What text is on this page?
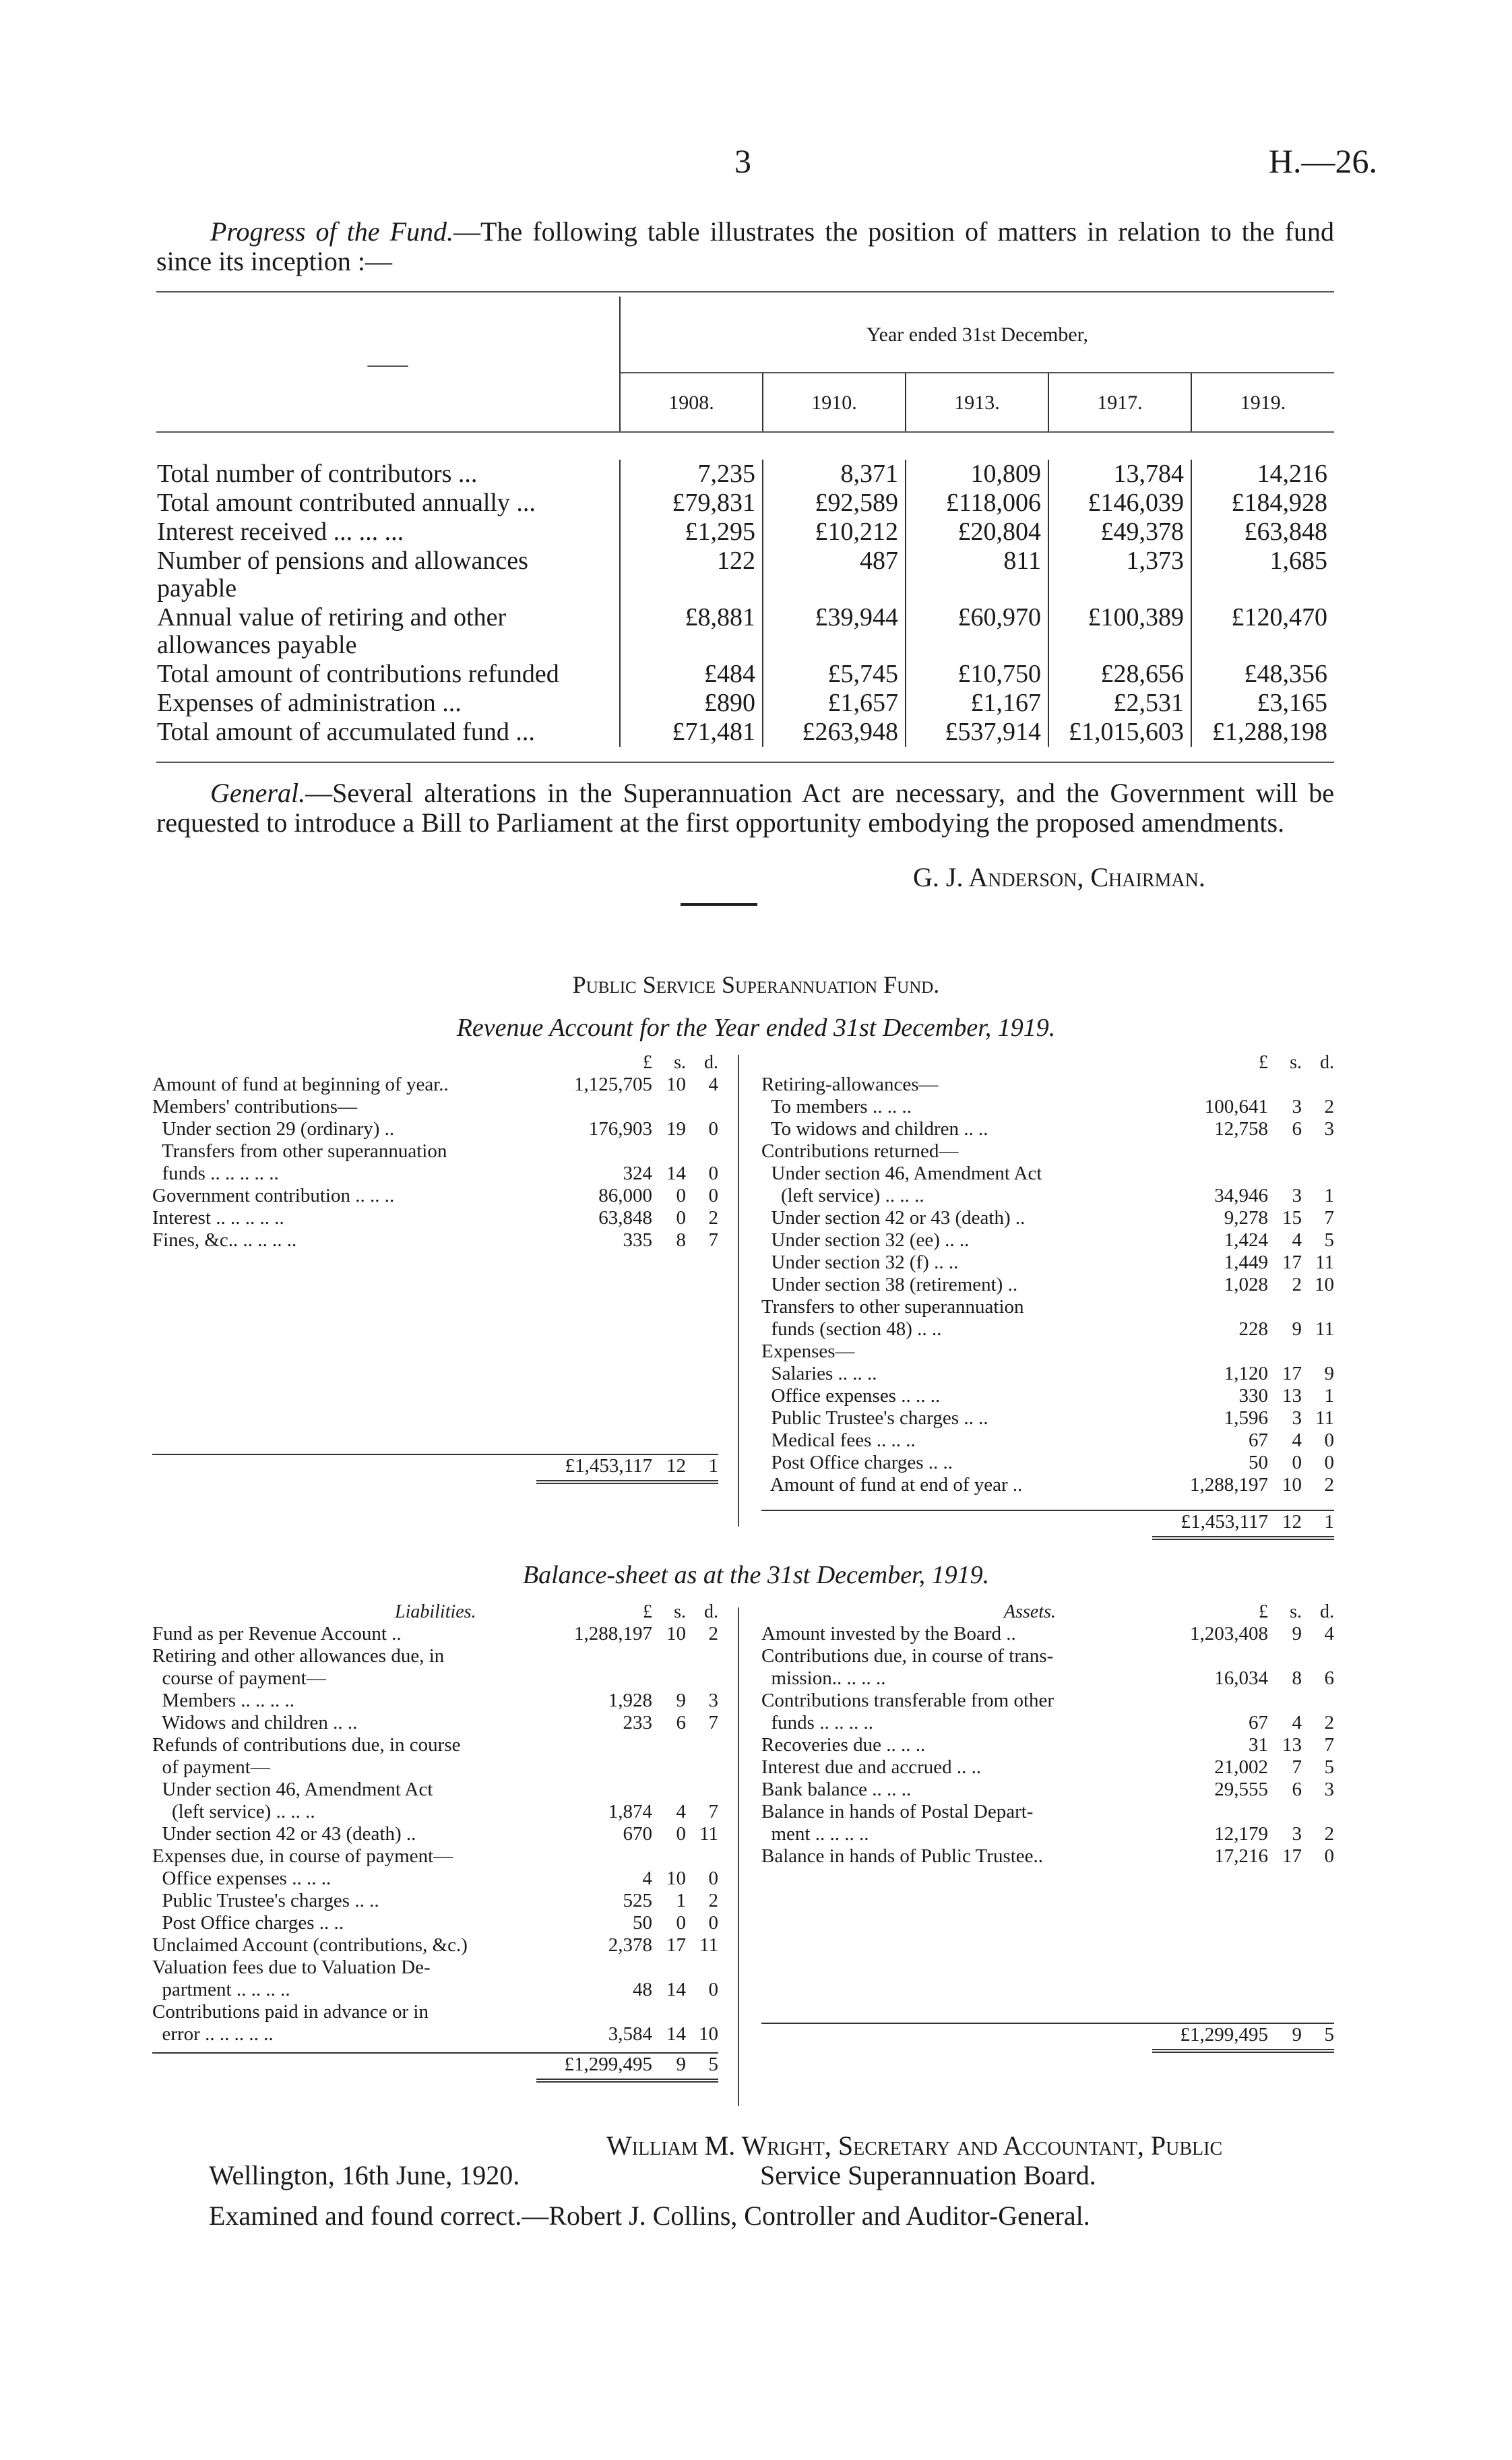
3	H.—26.
Progress of the Fund.—The following table illustrates the position of matters in relation to the fund since its inception :—
——	Year ended 31st December,				
	1908.	1910.	1913.	1917.	1919.

Total number of contributors ...	7,235	8,371	10,809	13,784	14,216
Total amount contributed annually ...	£79,831	£92,589	£118,006	£146,039	£184,928
Interest received ... ... ...	£1,295	£10,212	£20,804	£49,378	£63,848
Number of pensions and allowances payable	122	487	811	1,373	1,685
Annual value of retiring and other allowances payable	£8,881	£39,944	£60,970	£100,389	£120,470
Total amount of contributions refunded	£484	£5,745	£10,750	£28,656	£48,356
Expenses of administration ...	£890	£1,657	£1,167	£2,531	£3,165
Total amount of accumulated fund ...	£71,481	£263,948	£537,914	£1,015,603	£1,288,198

General.—Several alterations in the Superannuation Act are necessary, and the Government will be requested to introduce a Bill to Parliament at the first opportunity embodying the proposed amendments.
G. J. Anderson, Chairman.
Public Service Superannuation Fund.
Revenue Account for the Year ended 31st December, 1919.
£	s. d.
Amount of fund at beginning of year..	1,125,705 10	4
Members' contributions—
Under section 29 (ordinary) ..	176,903 19	0
Transfers from other superannuation
funds .. .. .. .. ..	324 14	0
Government contribution .. .. ..	86,000	0	0
Interest .. .. .. .. ..	63,848	0	2
Fines, &c.. .. .. .. ..	335	8	7
£1,453,117 12	1
£	s. d.
Retiring-allowances—
To members .. .. ..	100,641	3	2
To widows and children .. ..	12,758	6	3
Contributions returned—
Under section 46, Amendment Act
(left service) .. .. ..	34,946	3	1
Under section 42 or 43 (death) ..	9,278 15	7
Under section 32 (ee) .. ..	1,424	4	5
Under section 32 (f) .. ..	1,449 17 11
Under section 38 (retirement) ..	1,028	2 10
Transfers to other superannuation
funds (section 48) .. ..	228	9 11
Expenses—
Salaries .. .. ..	1,120 17	9
Office expenses .. .. ..	330 13	1
Public Trustee's charges .. ..	1,596	3 11
Medical fees .. .. ..	67	4	0
Post Office charges .. ..	50	0	0
Amount of fund at end of year ..	1,288,197 10	2
£1,453,117 12	1
Balance-sheet as at the 31st December, 1919.
Liabilities.	£	s. d.
Fund as per Revenue Account ..	1,288,197 10	2
Retiring and other allowances due, in
course of payment—
Members .. .. .. ..	1,928	9	3
Widows and children .. ..	233	6	7
Refunds of contributions due, in course
of payment—
Under section 46, Amendment Act
(left service) .. .. ..	1,874	4	7
Under section 42 or 43 (death) ..	670	0 11
Expenses due, in course of payment—
Office expenses .. .. ..	4 10	0
Public Trustee's charges .. ..	525	1	2
Post Office charges .. ..	50	0	0
Unclaimed Account (contributions, &c.)	2,378 17 11
Valuation fees due to Valuation De-
partment .. .. .. ..	48 14	0
Contributions paid in advance or in
error .. .. .. .. ..	3,584 14 10
£1,299,495	9	5
Assets.	£	s. d.
Amount invested by the Board ..	1,203,408	9	4
Contributions due, in course of trans-
mission.. .. .. ..	16,034	8	6
Contributions transferable from other
funds .. .. .. ..	67	4	2
Recoveries due .. .. ..	31 13	7
Interest due and accrued .. ..	21,002	7	5
Bank balance .. .. ..	29,555	6	3
Balance in hands of Postal Depart-
ment .. .. .. ..	12,179	3	2
Balance in hands of Public Trustee..	17,216 17	0
£1,299,495	9	5
William M. Wright, Secretary and Accountant, Public
Wellington, 16th June, 1920.	Service Superannuation Board.
Examined and found correct.—Robert J. Collins, Controller and Auditor-General.
